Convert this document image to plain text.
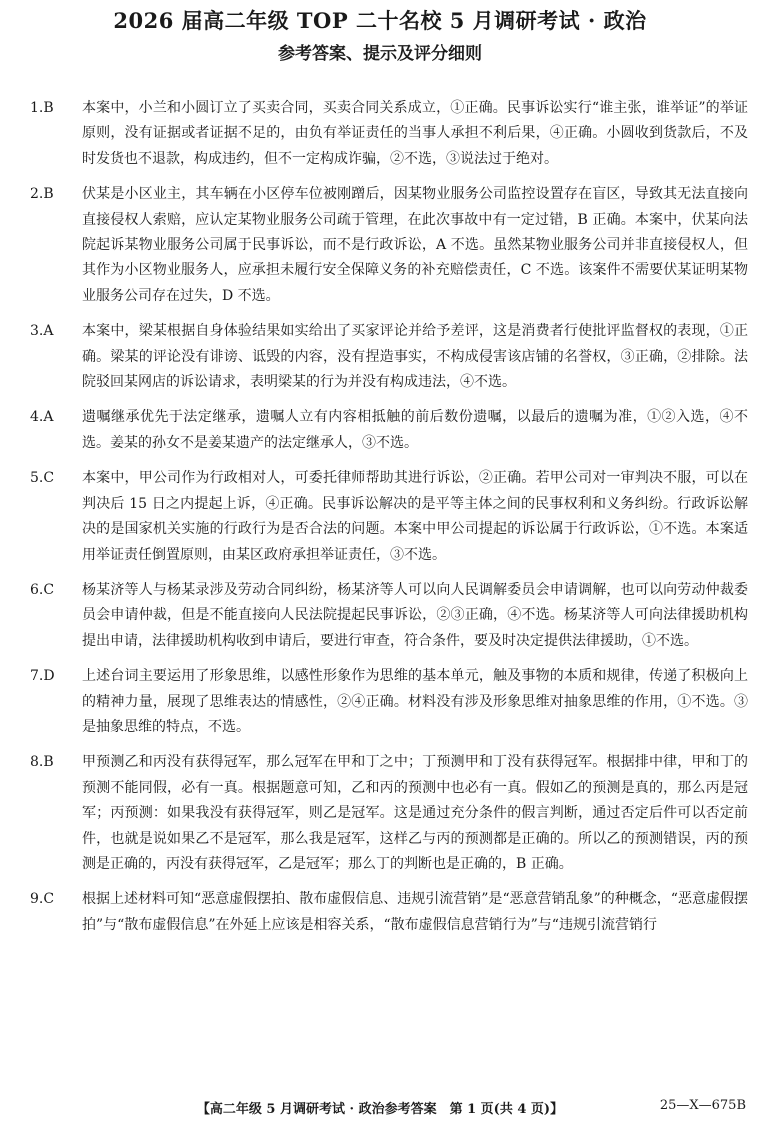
2026 届高二年级 TOP 二十名校 5 月调研考试 · 政治
参考答案、提示及评分细则
1.B	本案中，小兰和小圆订立了买卖合同，买卖合同关系成立，①正确。民事诉讼实行“谁主张，谁举证”的举证原则，没有证据或者证据不足的，由负有举证责任的当事人承担不利后果，④正确。小圆收到货款后，不及时发货也不退款，构成违约，但不一定构成诈骗，②不选，③说法过于绝对。
2.B	伏某是小区业主，其车辆在小区停车位被刚蹭后，因某物业服务公司监控设置存在盲区，导致其无法直接向直接侵权人索赔，应认定某物业服务公司疏于管理，在此次事故中有一定过错，B 正确。本案中，伏某向法院起诉某物业服务公司属于民事诉讼，而不是行政诉讼，A 不选。虽然某物业服务公司并非直接侵权人，但其作为小区物业服务人，应承担未履行安全保障义务的补充赔偿责任，C 不选。该案件不需要伏某证明某物业服务公司存在过失，D 不选。
3.A	本案中，梁某根据自身体验结果如实给出了买家评论并给予差评，这是消费者行使批评监督权的表现，①正确。梁某的评论没有诽谤、诋毁的内容，没有捏造事实，不构成侵害该店铺的名誉权，③正确，②排除。法院驳回某网店的诉讼请求，表明梁某的行为并没有构成违法，④不选。
4.A	遗嘱继承优先于法定继承，遗嘱人立有内容相抵触的前后数份遗嘱，以最后的遗嘱为准，①②入选，④不选。姜某的孙女不是姜某遗产的法定继承人，③不选。
5.C	本案中，甲公司作为行政相对人，可委托律师帮助其进行诉讼，②正确。若甲公司对一审判决不服，可以在判决后 15 日之内提起上诉，④正确。民事诉讼解决的是平等主体之间的民事权利和义务纠纷。行政诉讼解决的是国家机关实施的行政行为是否合法的问题。本案中甲公司提起的诉讼属于行政诉讼，①不选。本案适用举证责任倒置原则，由某区政府承担举证责任，③不选。
6.C	杨某济等人与杨某录涉及劳动合同纠纷，杨某济等人可以向人民调解委员会申请调解，也可以向劳动仲裁委员会申请仲裁，但是不能直接向人民法院提起民事诉讼，②③正确，④不选。杨某济等人可向法律援助机构提出申请，法律援助机构收到申请后，要进行审查，符合条件，要及时决定提供法律援助，①不选。
7.D	上述台词主要运用了形象思维，以感性形象作为思维的基本单元，触及事物的本质和规律，传递了积极向上的精神力量，展现了思维表达的情感性，②④正确。材料没有涉及形象思维对抽象思维的作用，①不选。③是抽象思维的特点，不选。
8.B	甲预测乙和丙没有获得冠军，那么冠军在甲和丁之中；丁预测甲和丁没有获得冠军。根据排中律，甲和丁的预测不能同假，必有一真。根据题意可知，乙和丙的预测中也必有一真。假如乙的预测是真的，那么丙是冠军；丙预测：如果我没有获得冠军，则乙是冠军。这是通过充分条件的假言判断，通过否定后件可以否定前件，也就是说如果乙不是冠军，那么我是冠军，这样乙与丙的预测都是正确的。所以乙的预测错误，丙的预测是正确的，丙没有获得冠军，乙是冠军；那么丁的判断也是正确的，B 正确。
9.C	根据上述材料可知“恶意虚假摆拍、散布虚假信息、违规引流营销”是“恶意营销乱象”的种概念，“恶意虚假摆拍”与“散布虚假信息”在外延上应该是相容关系，“散布虚假信息营销行为”与“违规引流营销行
【高二年级 5 月调研考试 · 政治参考答案　第 1 页(共 4 页)】	25—X—675B
